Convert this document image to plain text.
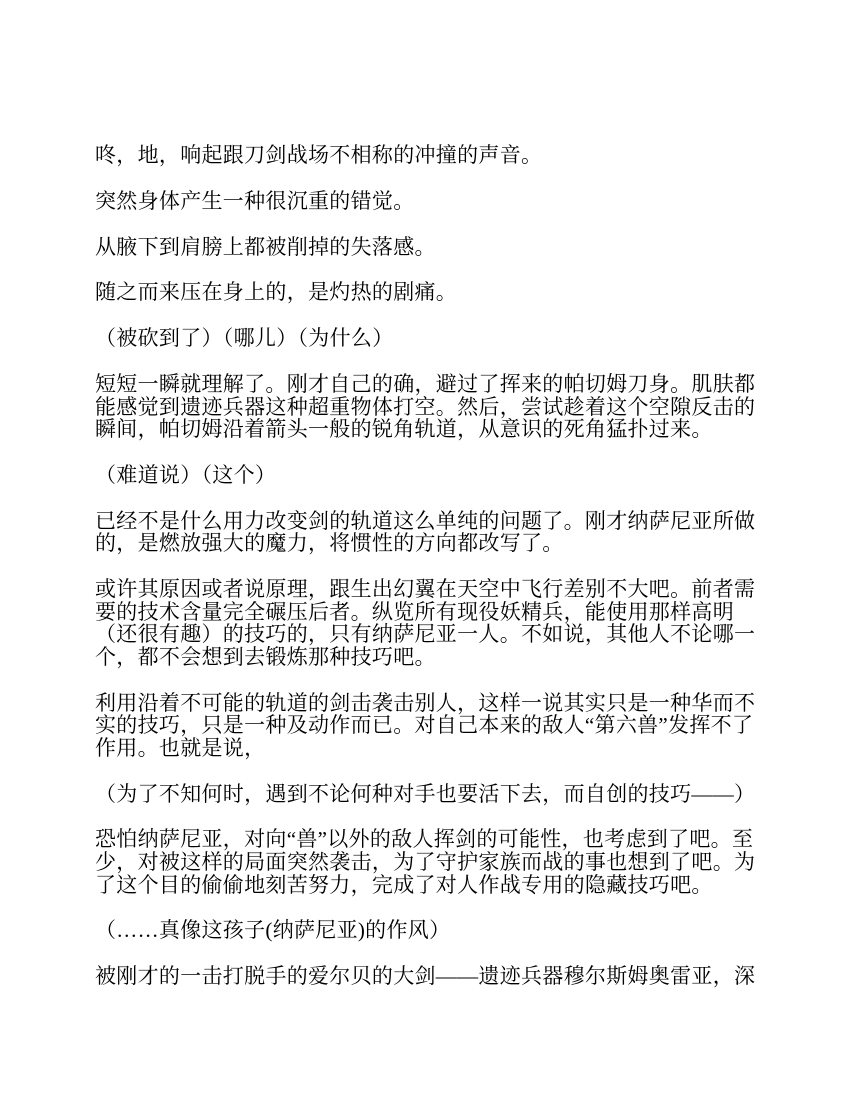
咚，地，响起跟刀剑战场不相称的冲撞的声音。

突然身体产生一种很沉重的错觉。

从腋下到肩膀上都被削掉的失落感。

随之而来压在身上的，是灼热的剧痛。

（被砍到了）（哪儿）（为什么）

短短一瞬就理解了。刚才自己的确，避过了挥来的帕切姆刀身。肌肤都能感觉到遗迹兵器这种超重物体打空。然后，尝试趁着这个空隙反击的瞬间，帕切姆沿着箭头一般的锐角轨道，从意识的死角猛扑过来。

（难道说）（这个）

已经不是什么用力改变剑的轨道这么单纯的问题了。刚才纳萨尼亚所做的，是燃放强大的魔力，将惯性的方向都改写了。

或许其原因或者说原理，跟生出幻翼在天空中飞行差别不大吧。前者需要的技术含量完全碾压后者。纵览所有现役妖精兵，能使用那样高明（还很有趣）的技巧的，只有纳萨尼亚一人。不如说，其他人不论哪一个，都不会想到去锻炼那种技巧吧。

利用沿着不可能的轨道的剑击袭击别人，这样一说其实只是一种华而不实的技巧，只是一种及动作而已。对自己本来的敌人“第六兽”发挥不了作用。也就是说，

（为了不知何时，遇到不论何种对手也要活下去，而自创的技巧——）

恐怕纳萨尼亚，对向“兽”以外的敌人挥剑的可能性，也考虑到了吧。至少，对被这样的局面突然袭击，为了守护家族而战的事也想到了吧。为了这个目的偷偷地刻苦努力，完成了对人作战专用的隐藏技巧吧。

（……真像这孩子(纳萨尼亚)的作风）

被刚才的一击打脱手的爱尔贝的大剑——遗迹兵器穆尔斯姆奥雷亚，深
